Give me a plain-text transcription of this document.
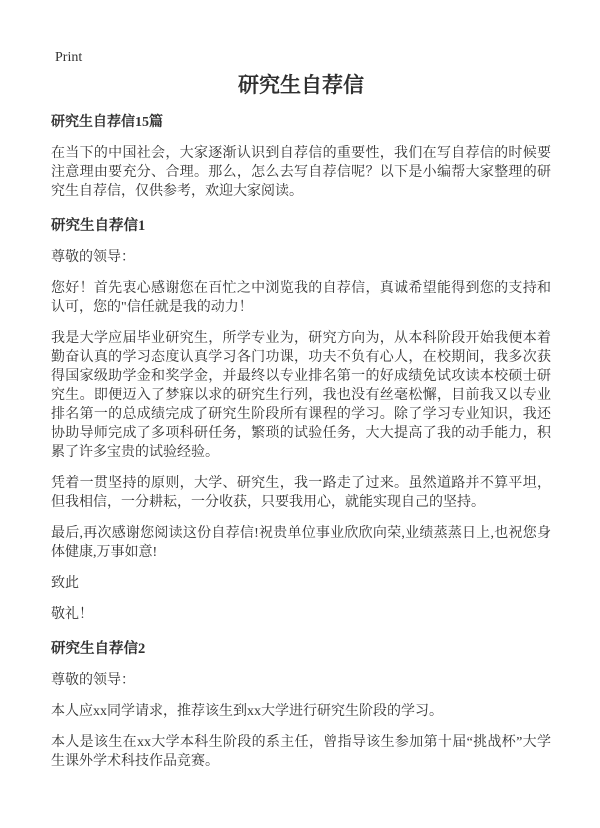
Print
研究生自荐信
研究生自荐信15篇

在当下的中国社会，大家逐渐认识到自荐信的重要性，我们在写自荐信的时候要注意理由要充分、合理。那么，怎么去写自荐信呢？以下是小编帮大家整理的研究生自荐信，仅供参考，欢迎大家阅读。

研究生自荐信1

尊敬的领导：

您好！首先衷心感谢您在百忙之中浏览我的自荐信，真诚希望能得到您的支持和认可，您的"信任就是我的动力！

我是大学应届毕业研究生，所学专业为，研究方向为，从本科阶段开始我便本着勤奋认真的学习态度认真学习各门功课，功夫不负有心人，在校期间，我多次获得国家级助学金和奖学金，并最终以专业排名第一的好成绩免试攻读本校硕士研究生。即便迈入了梦寐以求的研究生行列，我也没有丝毫松懈，目前我又以专业排名第一的总成绩完成了研究生阶段所有课程的学习。除了学习专业知识，我还协助导师完成了多项科研任务，繁琐的试验任务，大大提高了我的动手能力，积累了许多宝贵的试验经验。

凭着一贯坚持的原则，大学、研究生，我一路走了过来。虽然道路并不算平坦，但我相信，一分耕耘，一分收获，只要我用心，就能实现自己的坚持。

最后,再次感谢您阅读这份自荐信!祝贵单位事业欣欣向荣,业绩蒸蒸日上,也祝您身体健康,万事如意!

致此

敬礼！

研究生自荐信2

尊敬的领导：

本人应xx同学请求，推荐该生到xx大学进行研究生阶段的学习。

本人是该生在xx大学本科生阶段的系主任，曾指导该生参加第十届“挑战杯”大学生课外学术科技作品竞赛。
